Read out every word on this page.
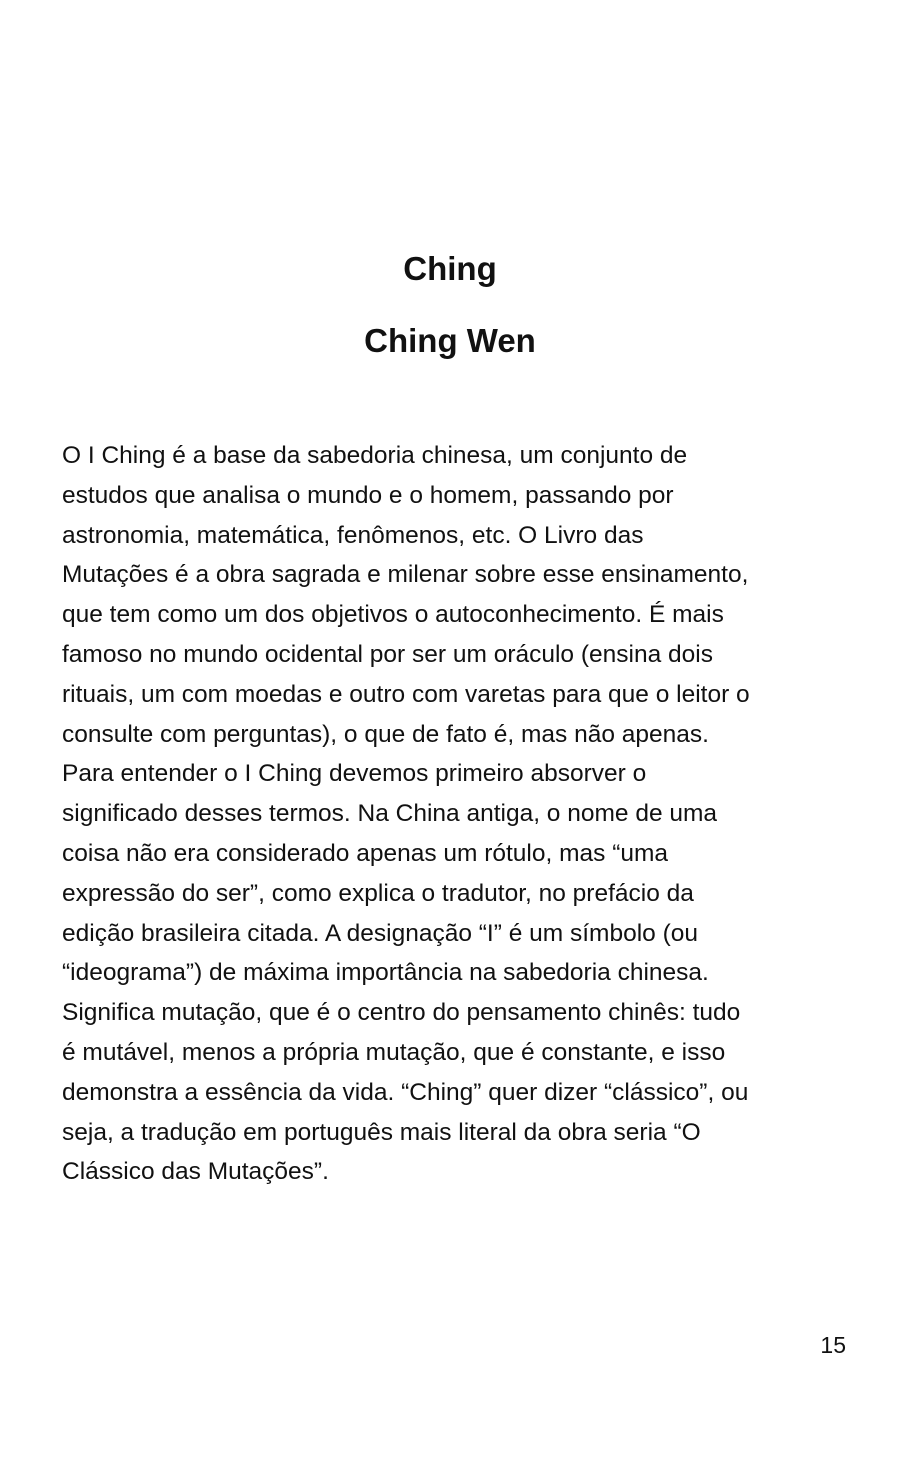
Ching
Ching Wen
O I Ching é a base da sabedoria chinesa, um conjunto de
estudos que analisa o mundo e o homem, passando por
astronomia, matemática, fenômenos, etc. O Livro das
Mutações é a obra sagrada e milenar sobre esse ensinamento,
que tem como um dos objetivos o autoconhecimento. É mais
famoso no mundo ocidental por ser um oráculo (ensina dois
rituais, um com moedas e outro com varetas para que o leitor o
consulte com perguntas), o que de fato é, mas não apenas.
Para entender o I Ching devemos primeiro absorver o
significado desses termos. Na China antiga, o nome de uma
coisa não era considerado apenas um rótulo, mas “uma
expressão do ser”, como explica o tradutor, no prefácio da
edição brasileira citada. A designação “I” é um símbolo (ou
“ideograma”) de máxima importância na sabedoria chinesa.
Significa mutação, que é o centro do pensamento chinês: tudo
é mutável, menos a própria mutação, que é constante, e isso
demonstra a essência da vida. “Ching” quer dizer “clássico”, ou
seja, a tradução em português mais literal da obra seria “O
Clássico das Mutações”.
15
